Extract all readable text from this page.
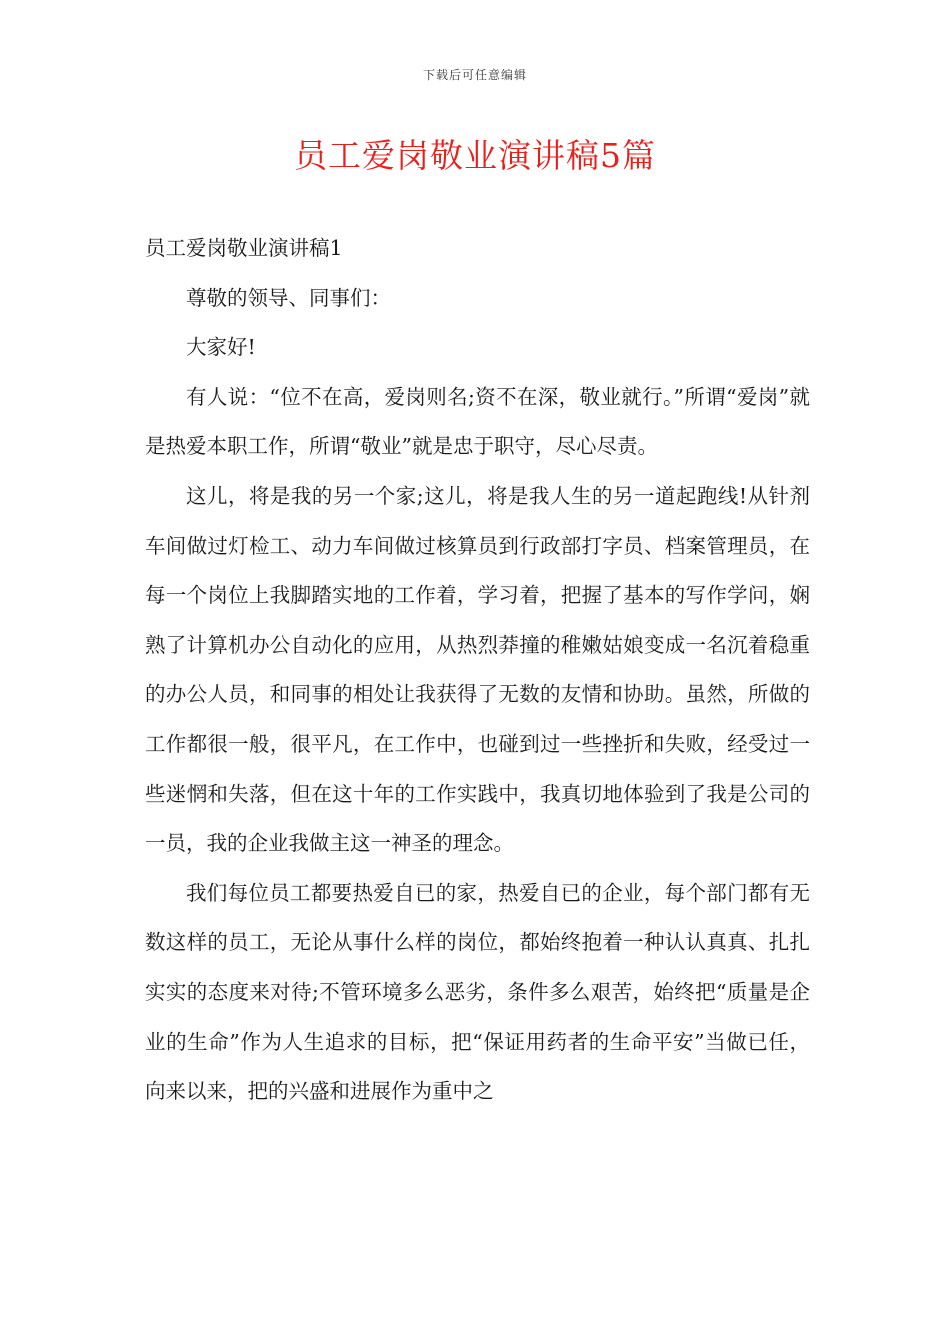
下载后可任意编辑
员工爱岗敬业演讲稿5篇

员工爱岗敬业演讲稿1

尊敬的领导、同事们：

大家好!

有人说：“位不在高，爱岗则名;资不在深，敬业就行。”所谓“爱岗”就是热爱本职工作，所谓“敬业”就是忠于职守，尽心尽责。

这儿，将是我的另一个家;这儿，将是我人生的另一道起跑线!从针剂车间做过灯检工、动力车间做过核算员到行政部打字员、档案管理员，在每一个岗位上我脚踏实地的工作着，学习着，把握了基本的写作学问，娴熟了计算机办公自动化的应用，从热烈莽撞的稚嫩姑娘变成一名沉着稳重的办公人员，和同事的相处让我获得了无数的友情和协助。虽然，所做的工作都很一般，很平凡，在工作中，也碰到过一些挫折和失败，经受过一些迷惘和失落，但在这十年的工作实践中，我真切地体验到了我是公司的一员，我的企业我做主这一神圣的理念。

我们每位员工都要热爱自已的家，热爱自已的企业，每个部门都有无数这样的员工，无论从事什么样的岗位，都始终抱着一种认认真真、扎扎实实的态度来对待;不管环境多么恶劣，条件多么艰苦，始终把“质量是企业的生命”作为人生追求的目标，把“保证用药者的生命平安”当做已任，向来以来，把的兴盛和进展作为重中之
